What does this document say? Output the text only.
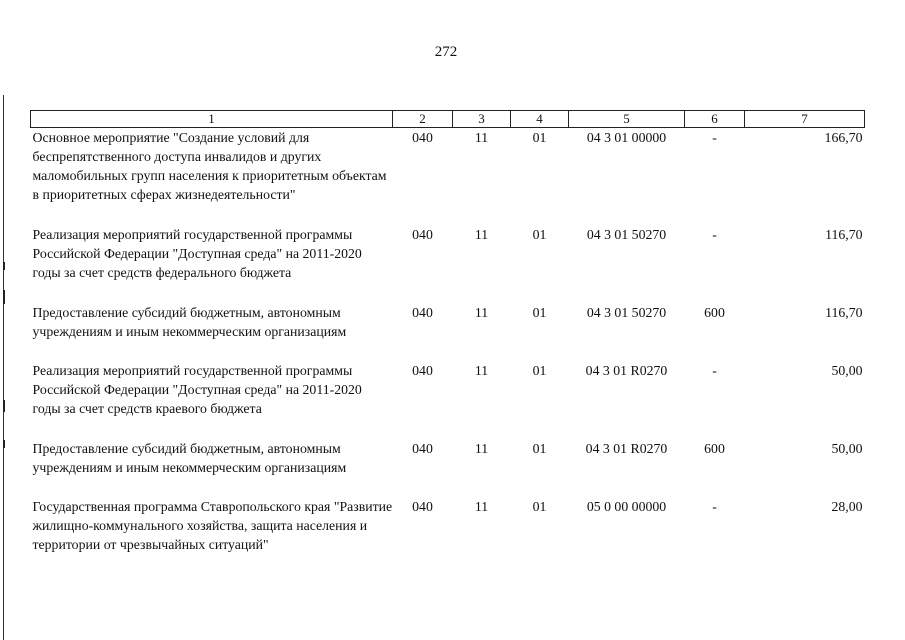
272
1	2	3	4	5	6	7
Основное мероприятие "Создание условий для беспрепятственного доступа инвалидов и других маломобильных групп населения к приоритетным объектам в приоритетных сферах жизнедеятельности"	040	11	01	04 3 01 00000	-	166,70
Реализация мероприятий государственной программы Российской Федерации "Доступная среда" на 2011-2020 годы за счет средств федерального бюджета	040	11	01	04 3 01 50270	-	116,70
Предоставление субсидий бюджетным, автономным учреждениям и иным некоммерческим организациям	040	11	01	04 3 01 50270	600	116,70
Реализация мероприятий государственной программы Российской Федерации "Доступная среда" на 2011-2020 годы за счет средств краевого бюджета	040	11	01	04 3 01 R0270	-	50,00
Предоставление субсидий бюджетным, автономным учреждениям и иным некоммерческим организациям	040	11	01	04 3 01 R0270	600	50,00
Государственная программа Ставропольского края "Развитие жилищно-коммунального хозяйства, защита населения и территории от чрезвычайных ситуаций"	040	11	01	05 0 00 00000	-	28,00
